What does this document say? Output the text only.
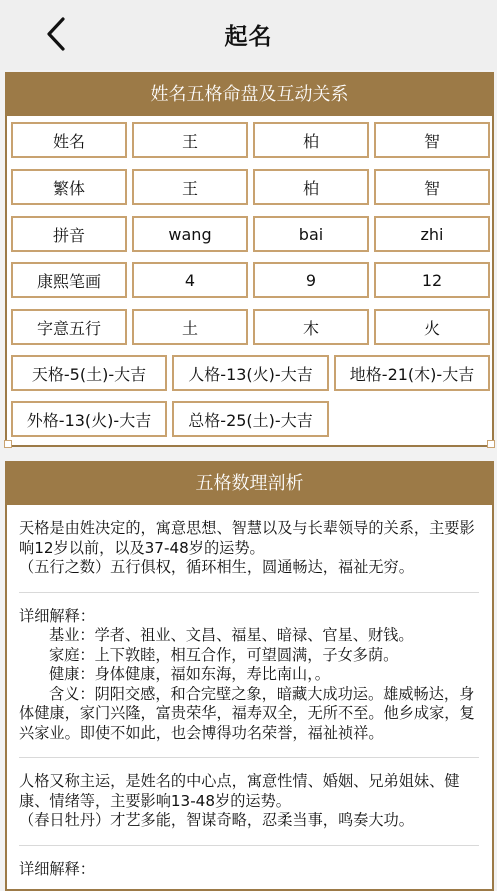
起名
姓名五格命盘及互动关系
姓名	王	柏	智
繁体	王	柏	智
拼音	wang	bai	zhi
康熙笔画	4	9	12
字意五行	土	木	火
天格-5(土)-大吉	人格-13(火)-大吉	地格-21(木)-大吉
外格-13(火)-大吉	总格-25(土)-大吉
五格数理剖析

天格是由姓决定的，寓意思想、智慧以及与长辈领导的关系，主要影响12岁以前，以及37-48岁的运势。

（五行之数）五行俱权，循环相生，圆通畅达，福祉无穷。

详细解释：

基业：学者、祖业、文昌、福星、暗禄、官星、财钱。

家庭：上下敦睦，相互合作，可望圆满，子女多荫。

健康：身体健康，福如东海，寿比南山，。

含义：阴阳交感，和合完壁之象，暗藏大成功运。雄威畅达，身体健康，家门兴隆，富贵荣华，福寿双全，无所不至。他乡成家，复兴家业。即使不如此，也会博得功名荣誉，福祉祯祥。

人格又称主运，是姓名的中心点，寓意性情、婚姻、兄弟姐妹、健康、情绪等，主要影响13-48岁的运势。

（春日牡丹）才艺多能，智谋奇略，忍柔当事，鸣奏大功。

详细解释：
